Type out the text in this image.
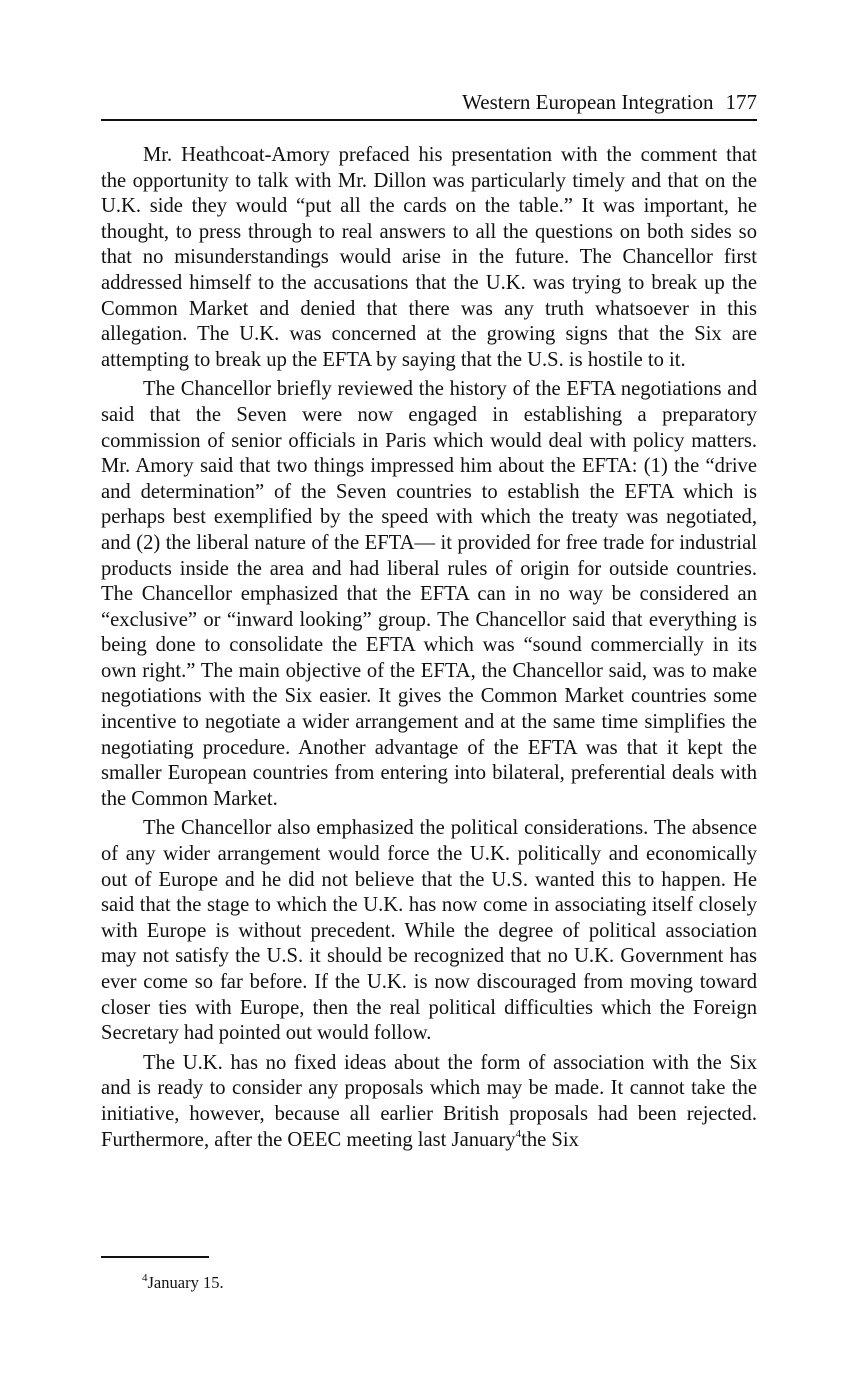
Western European Integration 177

Mr. Heathcoat-Amory prefaced his presentation with the comment that the opportunity to talk with Mr. Dillon was particularly timely and that on the U.K. side they would “put all the cards on the table.” It was important, he thought, to press through to real answers to all the questions on both sides so that no misunderstandings would arise in the future. The Chancellor first addressed himself to the accusations that the U.K. was trying to break up the Common Market and denied that there was any truth whatsoever in this allegation. The U.K. was concerned at the growing signs that the Six are attempting to break up the EFTA by saying that the U.S. is hostile to it.

The Chancellor briefly reviewed the history of the EFTA negotiations and said that the Seven were now engaged in establishing a preparatory commission of senior officials in Paris which would deal with policy matters. Mr. Amory said that two things impressed him about the EFTA: (1) the “drive and determination” of the Seven countries to establish the EFTA which is perhaps best exemplified by the speed with which the treaty was negotiated, and (2) the liberal nature of the EFTA— it provided for free trade for industrial products inside the area and had liberal rules of origin for outside countries. The Chancellor emphasized that the EFTA can in no way be considered an “exclusive” or “inward looking” group. The Chancellor said that everything is being done to consolidate the EFTA which was “sound commercially in its own right.” The main objective of the EFTA, the Chancellor said, was to make negotiations with the Six easier. It gives the Common Market countries some incentive to negotiate a wider arrangement and at the same time simplifies the negotiating procedure. Another advantage of the EFTA was that it kept the smaller European countries from entering into bilateral, preferential deals with the Common Market.

The Chancellor also emphasized the political considerations. The absence of any wider arrangement would force the U.K. politically and economically out of Europe and he did not believe that the U.S. wanted this to happen. He said that the stage to which the U.K. has now come in associating itself closely with Europe is without precedent. While the degree of political association may not satisfy the U.S. it should be recognized that no U.K. Government has ever come so far before. If the U.K. is now discouraged from moving toward closer ties with Europe, then the real political difficulties which the Foreign Secretary had pointed out would follow.

The U.K. has no fixed ideas about the form of association with the Six and is ready to consider any proposals which may be made. It cannot take the initiative, however, because all earlier British proposals had been rejected. Furthermore, after the OEEC meeting last January$^4$the Six

$^4$January 15.
